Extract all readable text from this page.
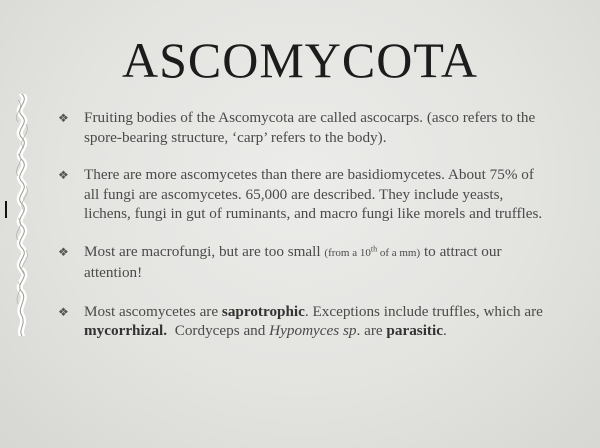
ASCOMYCOTA
❖ Fruiting bodies of the Ascomycota are called ascocarps. (asco refers to the spore-bearing structure, ‘carp’ refers to the body).
❖ There are more ascomycetes than there are basidiomycetes. About 75% of all fungi are ascomycetes. 65,000 are described. They include yeasts, lichens, fungi in gut of ruminants, and macro fungi like morels and truffles.
❖ Most are macrofungi, but are too small (from a 10th of a mm) to attract our attention!
❖ Most ascomycetes are saprotrophic. Exceptions include truffles, which are mycorrhizal.  Cordyceps and Hypomyces sp. are parasitic.
